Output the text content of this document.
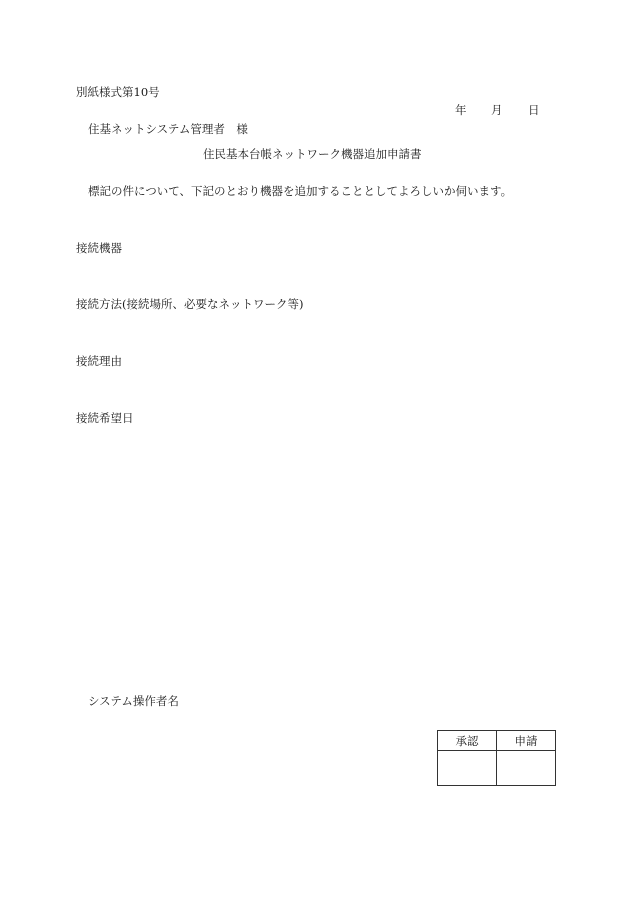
別紙様式第10号
年 月 日
住基ネットシステム管理者　様
住民基本台帳ネットワーク機器追加申請書
標記の件について、下記のとおり機器を追加することとしてよろしいか伺います。
接続機器
接続方法(接続場所、必要なネットワーク等)
接続理由
接続希望日
システム操作者名
承認	申請
